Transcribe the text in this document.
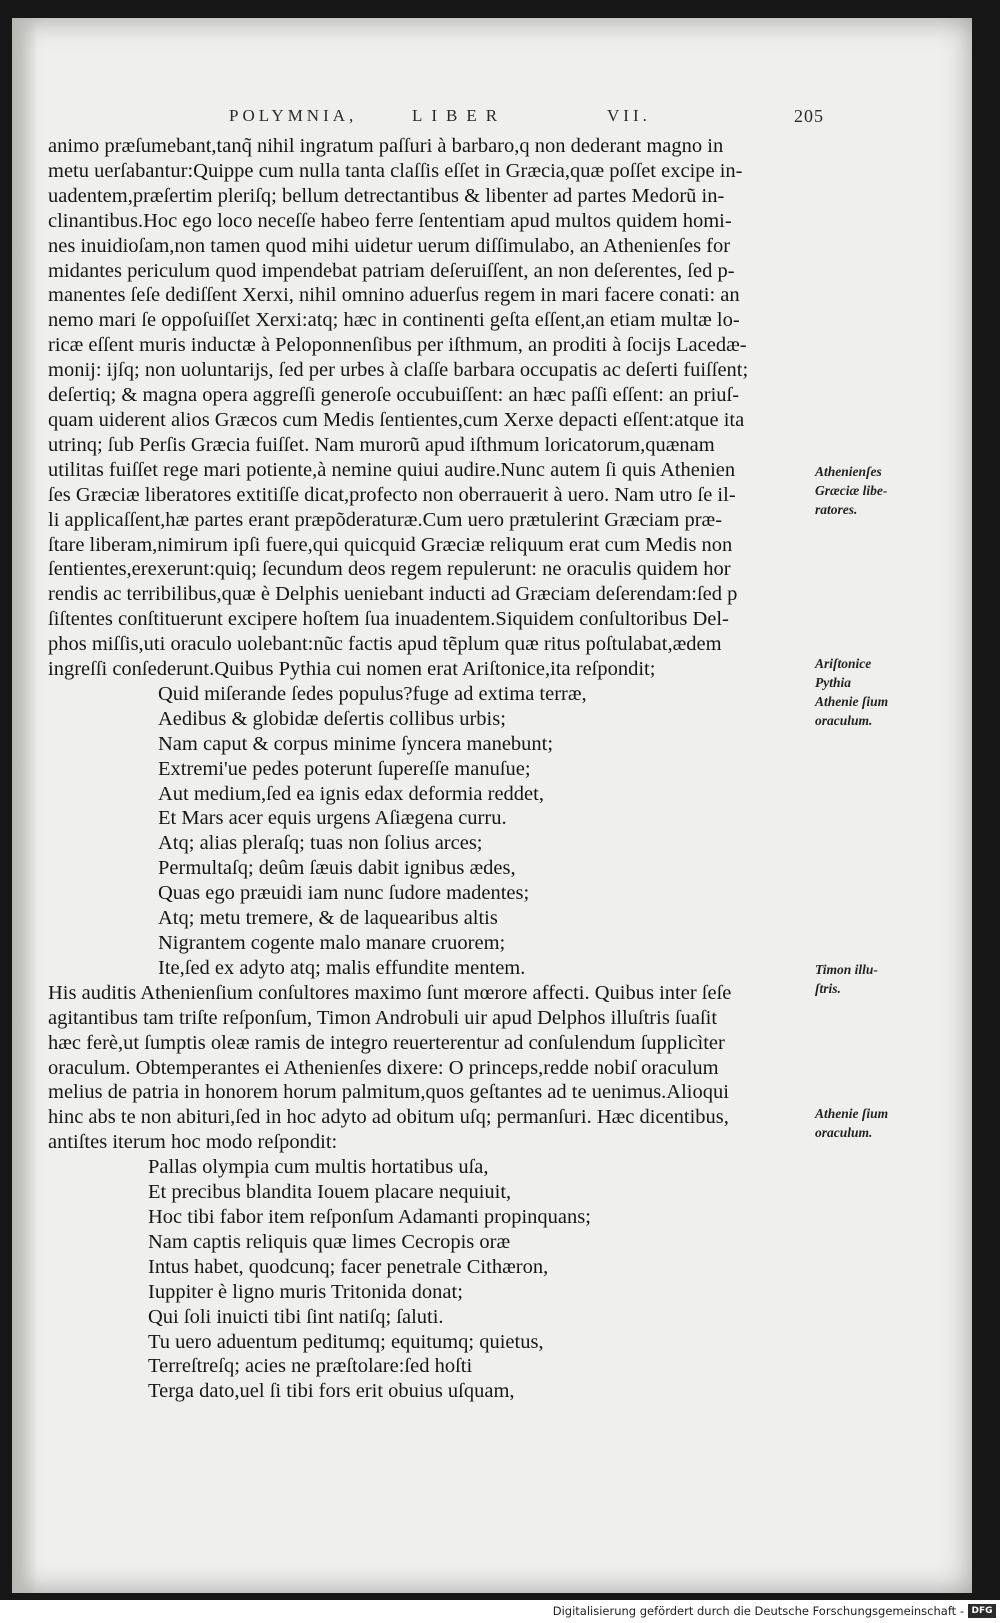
POLYMNIA,	LIBER	VII.	205
animo præſumebant,tanq̃ nihil ingratum paſſuri à barbaro,q non dederant magno in
metu uerſabantur:Quippe cum nulla tanta claſſis eſſet in Græcia,quæ poſſet excipe in-
uadentem,præſertim pleriſq; bellum detrectantibus & libenter ad partes Medorũ in-
clinantibus.Hoc ego loco neceſſe habeo ferre ſententiam apud multos quidem homi-
nes inuidioſam,non tamen quod mihi uidetur uerum diſſimulabo, an Athenienſes for
midantes periculum quod impendebat patriam deſeruiſſent, an non deſerentes, ſed p-
manentes ſeſe dediſſent Xerxi, nihil omnino aduerſus regem in mari facere conati: an
nemo mari ſe oppoſuiſſet Xerxi:atq; hæc in continenti geſta eſſent,an etiam multæ lo-
ricæ eſſent muris inductæ à Peloponnenſibus per iſthmum, an proditi à ſocijs Lacedæ-
monij: ijſq; non uoluntarijs, ſed per urbes à claſſe barbara occupatis ac deſerti fuiſſent;
deſertiq; & magna opera aggreſſi generoſe occubuiſſent: an hæc paſſi eſſent: an priuſ-
quam uiderent alios Græcos cum Medis ſentientes,cum Xerxe depacti eſſent:atque ita
utrinq; ſub Perſis Græcia fuiſſet. Nam murorũ apud iſthmum loricatorum,quænam
utilitas fuiſſet rege mari potiente,à nemine quiui audire.Nunc autem ſi quis Athenien
ſes Græciæ liberatores extitiſſe dicat,profecto non oberrauerit à uero. Nam utro ſe il-
li applicaſſent,hæ partes erant præpõderaturæ.Cum uero prætulerint Græciam præ-
ſtare liberam,nimirum ipſi fuere,qui quicquid Græciæ reliquum erat cum Medis non
ſentientes,erexerunt:quiq; ſecundum deos regem repulerunt: ne oraculis quidem hor
rendis ac terribilibus,quæ è Delphis ueniebant inducti ad Græciam deſerendam:ſed p
ſiſtentes conſtituerunt excipere hoſtem ſua inuadentem.Siquidem conſultoribus Del-
phos miſſis,uti oraculo uolebant:nũc factis apud tẽplum quæ ritus poſtulabat,ædem
ingreſſi conſederunt.Quibus Pythia cui nomen erat Ariſtonice,ita reſpondit;
Quid miſerande ſedes populus?fuge ad extima terræ,
Aedibus & globidæ deſertis collibus urbis;
Nam caput & corpus minime ſyncera manebunt;
Extremi'ue pedes poterunt ſupereſſe manuſue;
Aut medium,ſed ea ignis edax deformia reddet,
Et Mars acer equis urgens Aſiægena curru.
Atq; alias pleraſq; tuas non ſolius arces;
Permultaſq; deûm ſæuis dabit ignibus ædes,
Quas ego præuidi iam nunc ſudore madentes;
Atq; metu tremere, & de laquearibus altis
Nigrantem cogente malo manare cruorem;
Ite,ſed ex adyto atq; malis effundite mentem.
His auditis Athenienſium conſultores maximo ſunt mœrore affecti. Quibus inter ſeſe
agitantibus tam triſte reſponſum, Timon Androbuli uir apud Delphos illuſtris ſuaſit
hæc ferè,ut ſumptis oleæ ramis de integro reuerterentur ad conſulendum ſupplicìter
oraculum. Obtemperantes ei Athenienſes dixere: O princeps,redde nobiſ oraculum
melius de patria in honorem horum palmitum,quos geſtantes ad te uenimus.Alioqui
hinc abs te non abituri,ſed in hoc adyto ad obitum uſq; permanſuri. Hæc dicentibus,
antiſtes iterum hoc modo reſpondit:
Pallas olympia cum multis hortatibus uſa,
Et precibus blandita Iouem placare nequiuit,
Hoc tibi fabor item reſponſum Adamanti propinquans;
Nam captis reliquis quæ limes Cecropis oræ
Intus habet, quodcunq; facer penetrale Cithæron,
Iuppiter è ligno muris Tritonida donat;
Qui ſoli inuicti tibi ſint natiſq; ſaluti.
Tu uero aduentum peditumq; equitumq; quietus,
Terreſtreſq; acies ne præſtolare:ſed hoſti
Terga dato,uel ſi tibi fors erit obuius uſquam,
Athenienſes
Græciæ libe-
ratores.
Ariſtonice
Pythia
Athenie ſium
oraculum.
Timon illu-
ſtris.
Athenie ſium
oraculum.
Digitalisierung gefördert durch die Deutsche Forschungsgemeinschaft - DFG
